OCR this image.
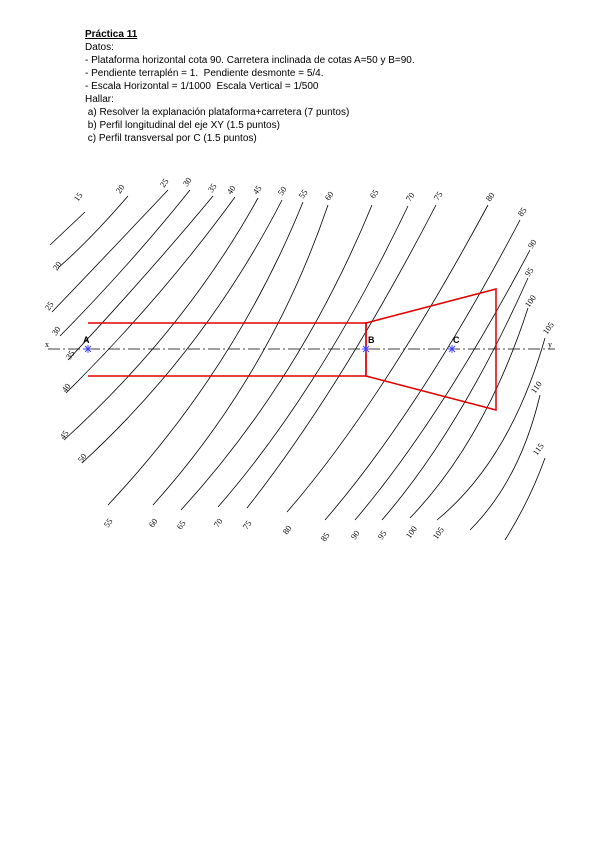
Práctica 11
Datos:
- Plataforma horizontal cota 90. Carretera inclinada de cotas A=50 y B=90.
- Pendiente terraplén = 1.  Pendiente desmonte = 5/4.
- Escala Horizontal = 1/1000  Escala Vertical = 1/500
Hallar:
a) Resolver la explanación plataforma+carretera (7 puntos)
b) Perfil longitudinal del eje XY (1.5 puntos)
c) Perfil transversal por C (1.5 puntos)
x	y
A	B	C
15
20	25 30 35 40 45 50 55 60	65	70 75	80
85
90
95
100
105
110
115
20
25
30
35
40
45
50
55	60 65	70 75	80
85 90 95 100 105
